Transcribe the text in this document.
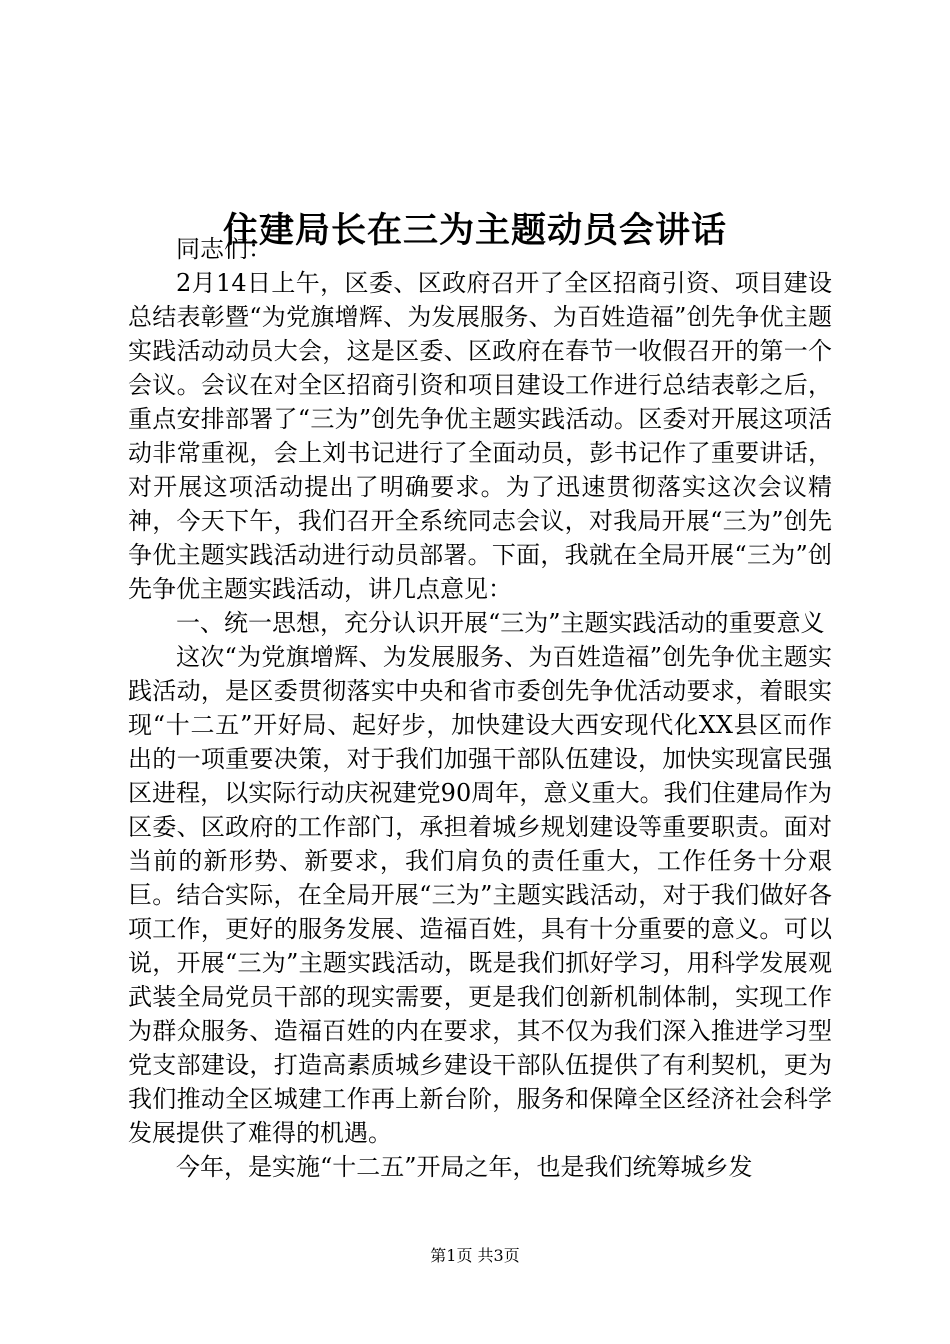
住建局长在三为主题动员会讲话

同志们：

2月14日上午，区委、区政府召开了全区招商引资、项目建设总结表彰暨“为党旗增辉、为发展服务、为百姓造福”创先争优主题实践活动动员大会，这是区委、区政府在春节一收假召开的第一个会议。会议在对全区招商引资和项目建设工作进行总结表彰之后，重点安排部署了“三为”创先争优主题实践活动。区委对开展这项活动非常重视，会上刘书记进行了全面动员，彭书记作了重要讲话，对开展这项活动提出了明确要求。为了迅速贯彻落实这次会议精神，今天下午，我们召开全系统同志会议，对我局开展“三为”创先争优主题实践活动进行动员部署。下面，我就在全局开展“三为”创先争优主题实践活动，讲几点意见：

一、统一思想，充分认识开展“三为”主题实践活动的重要意义

这次“为党旗增辉、为发展服务、为百姓造福”创先争优主题实践活动，是区委贯彻落实中央和省市委创先争优活动要求，着眼实现“十二五”开好局、起好步，加快建设大西安现代化XX县区而作出的一项重要决策，对于我们加强干部队伍建设，加快实现富民强区进程，以实际行动庆祝建党90周年，意义重大。我们住建局作为区委、区政府的工作部门，承担着城乡规划建设等重要职责。面对当前的新形势、新要求，我们肩负的责任重大，工作任务十分艰巨。结合实际，在全局开展“三为”主题实践活动，对于我们做好各项工作，更好的服务发展、造福百姓，具有十分重要的意义。可以说，开展“三为”主题实践活动，既是我们抓好学习，用科学发展观武装全局党员干部的现实需要，更是我们创新机制体制，实现工作为群众服务、造福百姓的内在要求，其不仅为我们深入推进学习型党支部建设，打造高素质城乡建设干部队伍提供了有利契机，更为我们推动全区城建工作再上新台阶，服务和保障全区经济社会科学发展提供了难得的机遇。

今年，是实施“十二五”开局之年，也是我们统筹城乡发

第1页 共3页
